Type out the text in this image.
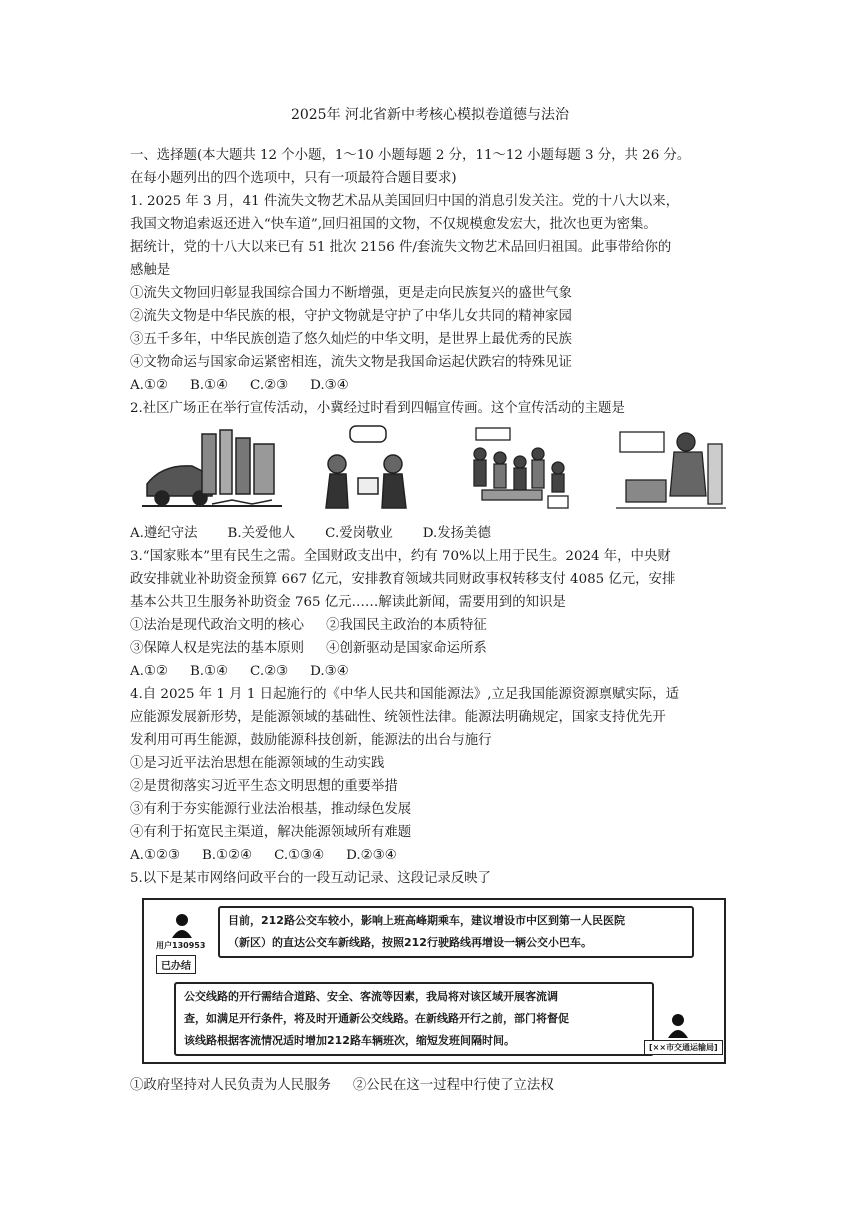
2025年 河北省新中考核心模拟卷道德与法治
一、选择题(本大题共 12 个小题，1～10 小题每题 2 分，11～12 小题每题 3 分，共 26 分。
在每小题列出的四个选项中，只有一项最符合题目要求)
1. 2025 年 3 月，41 件流失文物艺术品从美国回归中国的消息引发关注。党的十八大以来，
我国文物追索返还进入“快车道”,回归祖国的文物，不仅规模愈发宏大，批次也更为密集。
据统计，党的十八大以来已有 51 批次 2156 件/套流失文物艺术品回归祖国。此事带给你的
感触是
①流失文物回归彰显我国综合国力不断增强，更是走向民族复兴的盛世气象
②流失文物是中华民族的根，守护文物就是守护了中华儿女共同的精神家园
③五千多年，中华民族创造了悠久灿烂的中华文明，是世界上最优秀的民族
④文物命运与国家命运紧密相连，流失文物是我国命运起伏跌宕的特殊见证
A.①② B.①④ C.②③ D.③④
2.社区广场正在举行宣传活动，小冀经过时看到四幅宣传画。这个宣传活动的主题是
A.遵纪守法 B.关爱他人 C.爱岗敬业 D.发扬美德
3.“国家账本”里有民生之需。全国财政支出中，约有 70%以上用于民生。2024 年，中央财
政安排就业补助资金预算 667 亿元，安排教育领域共同财政事权转移支付 4085 亿元，安排
基本公共卫生服务补助资金 765 亿元……解读此新闻，需要用到的知识是
①法治是现代政治文明的核心 ②我国民主政治的本质特征
③保障人权是宪法的基本原则 ④创新驱动是国家命运所系
A.①② B.①④ C.②③ D.③④
4.自 2025 年 1 月 1 日起施行的《中华人民共和国能源法》,立足我国能源资源禀赋实际，适
应能源发展新形势，是能源领域的基础性、统领性法律。能源法明确规定，国家支持优先开
发利用可再生能源，鼓励能源科技创新，能源法的出台与施行
①是习近平法治思想在能源领域的生动实践
②是贯彻落实习近平生态文明思想的重要举措
③有利于夯实能源行业法治根基，推动绿色发展
④有利于拓宽民主渠道，解决能源领域所有难题
A.①②③ B.①②④ C.①③④ D.②③④
5.以下是某市网络问政平台的一段互动记录、这段记录反映了
用户130953
已办结
目前，212路公交车较小，影响上班高峰期乘车，建议增设市中区到第一人民医院
（新区）的直达公交车新线路，按照212行驶路线再增设一辆公交小巴车。
公交线路的开行需结合道路、安全、客流等因素，我局将对该区域开展客流调
查，如满足开行条件，将及时开通新公交线路。在新线路开行之前，部门将督促
该线路根据客流情况适时增加212路车辆班次，缩短发班间隔时间。
[××市交通运输局]
①政府坚持对人民负责为人民服务 ②公民在这一过程中行使了立法权
